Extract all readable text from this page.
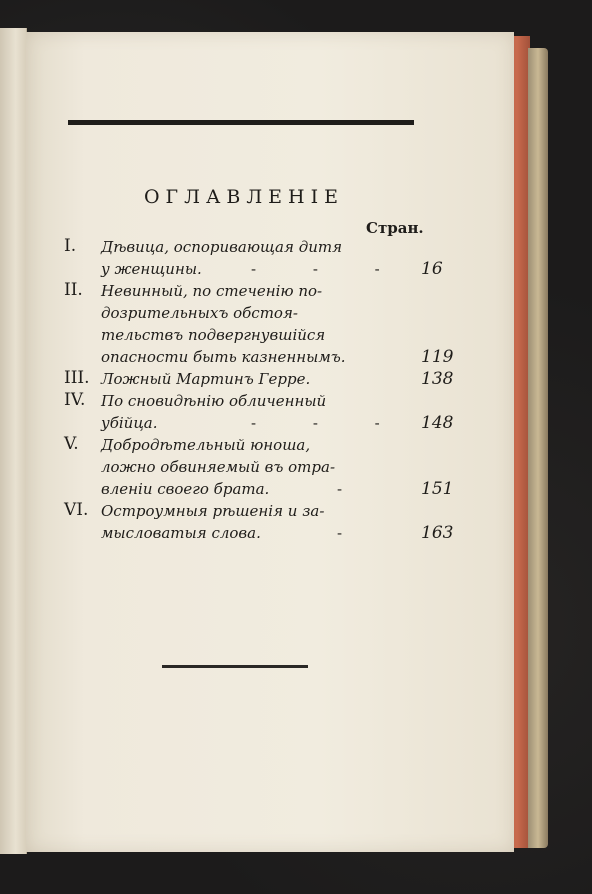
ОГЛАВЛЕНІЕ
Стран.
I. Дѣвица, оспоривающая дитя
у женщины.	- - - 16
II. Невинный, по стеченію по-
дозрительныхъ обстоя-
тельствъ подвергнувшійся
опасности быть казненнымъ.	119
III. Ложный Мартинъ Герре.	138
IV. По сновидѣнію обличенный
убійца.	- - - 148
V. Добродѣтельный юноша,
ложно обвиняемый въ отра-
вленіи своего брата.	-	151
VI. Остроумныя рѣшенія и за-
мысловатыя слова.	-	163
